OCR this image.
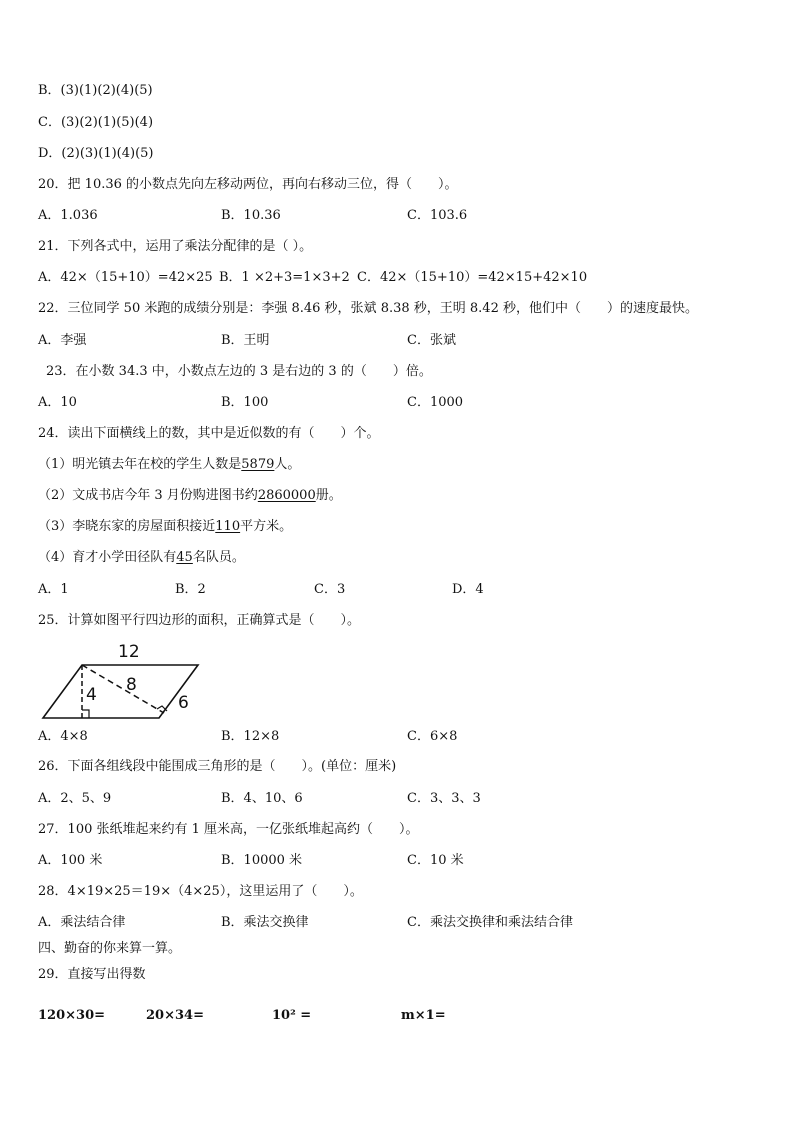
B．(3)(1)(2)(4)(5)
C．(3)(2)(1)(5)(4)
D．(2)(3)(1)(4)(5)
20．把 10.36 的小数点先向左移动两位，再向右移动三位，得（　　）。
A．1.036	B．10.36	C．103.6
21．下列各式中，运用了乘法分配律的是（ ）。
A．42×（15+10）=42×25 B．1 ×2+3=1×3+2 C．42×（15+10）=42×15+42×10
22．三位同学 50 米跑的成绩分别是：李强 8.46 秒，张斌 8.38 秒，王明 8.42 秒，他们中（　　）的速度最快。
A．李强	B．王明	C．张斌
23．在小数 34.3 中，小数点左边的 3 是右边的 3 的（　　）倍。
A．10	B．100	C．1000
24．读出下面横线上的数，其中是近似数的有（　　）个。
（1）明光镇去年在校的学生人数是5879人。
（2）文成书店今年 3 月份购进图书约2860000册。
（3）李晓东家的房屋面积接近110平方米。
（4）育才小学田径队有45名队员。
A．1	B．2	C．3	D．4
25．计算如图平行四边形的面积，正确算式是（　　）。
12
4 8
6
A．4×8	B．12×8	C．6×8
26．下面各组线段中能围成三角形的是（　　）。(单位：厘米)
A．2、5、9	B．4、10、6	C．3、3、3
27．100 张纸堆起来约有 1 厘米高，一亿张纸堆起高约（　　）。
A．100 米	B．10000 米	C．10 米
28．4×19×25＝19×（4×25），这里运用了（　　）。
A．乘法结合律	B．乘法交换律	C．乘法交换律和乘法结合律
四、勤奋的你来算一算。
29．直接写出得数
120×30=	20×34=	10² =	m×1=
